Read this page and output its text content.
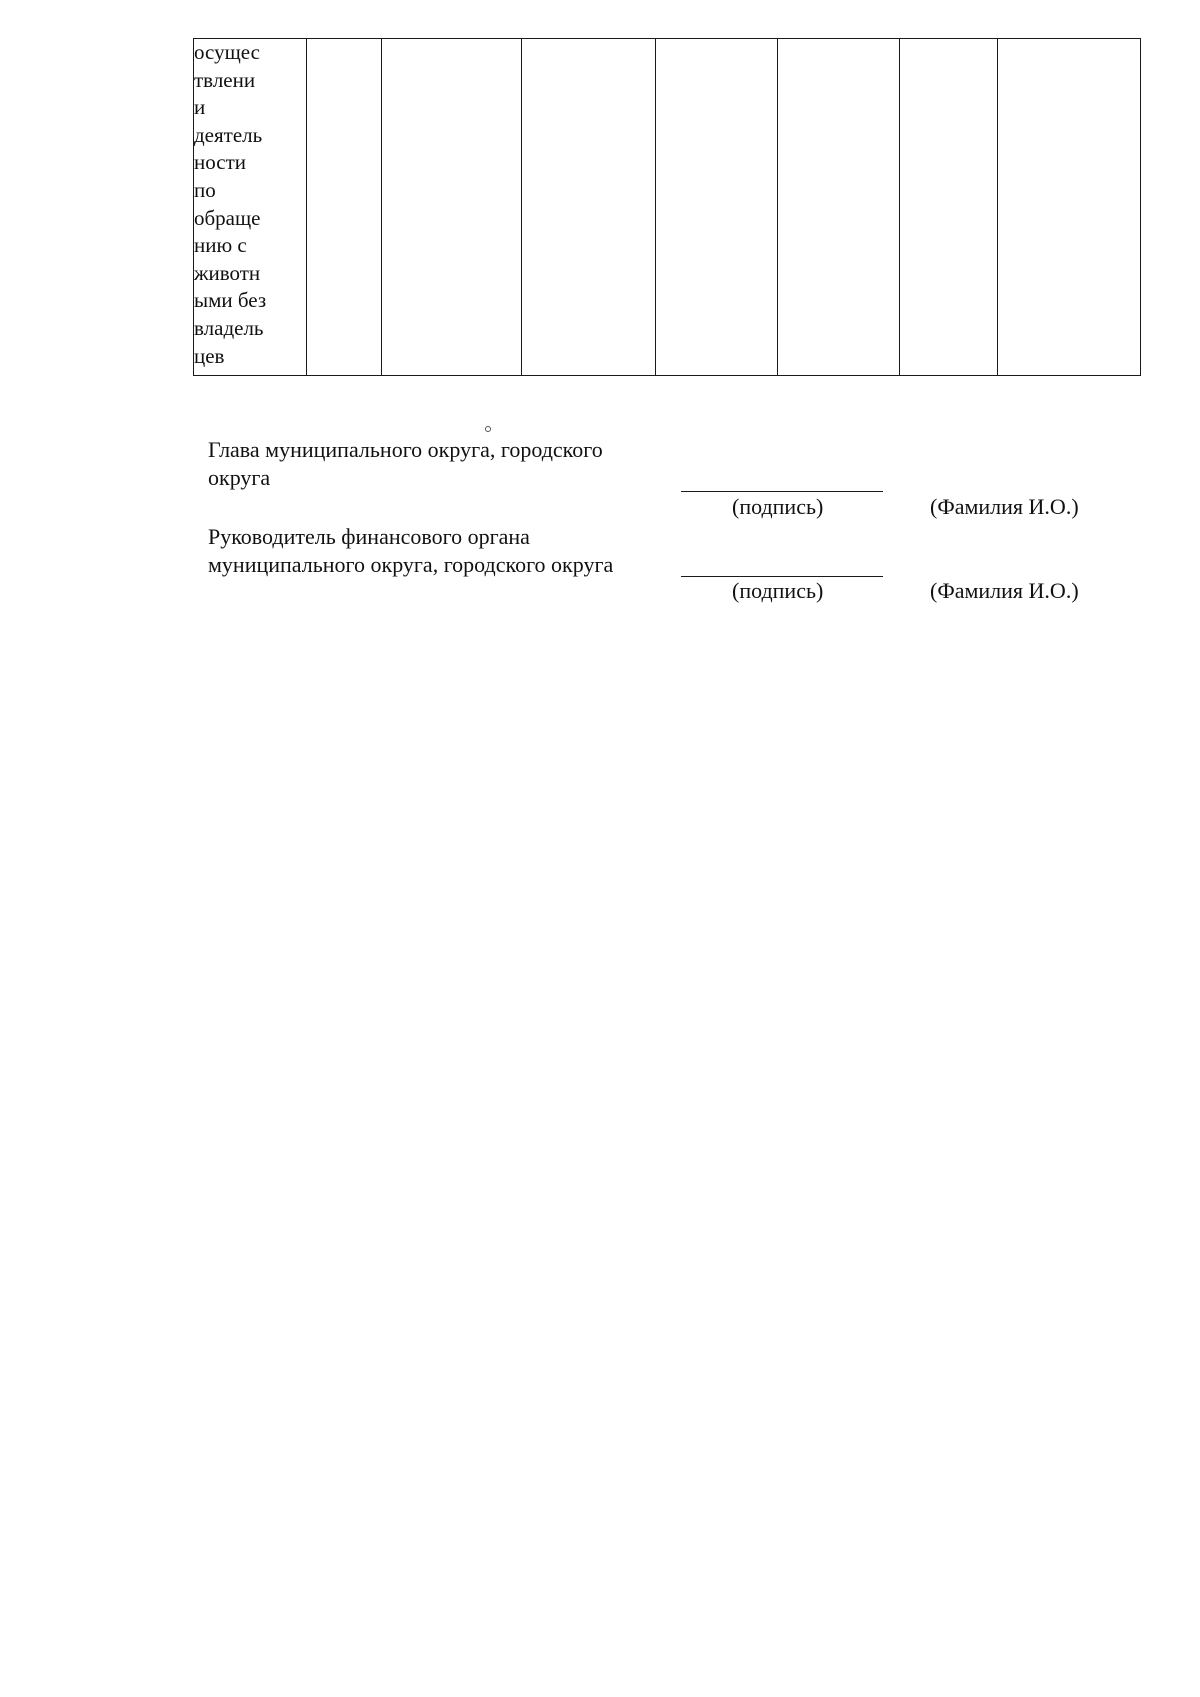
осущес
твлени
и
деятель
ности
по
обраще
нию с
животн
ыми без
владель
цев

Глава муниципального округа, городского
округа
(подпись)	(Фамилия И.О.)
Руководитель финансового органа
муниципального округа, городского округа
(подпись)	(Фамилия И.О.)
